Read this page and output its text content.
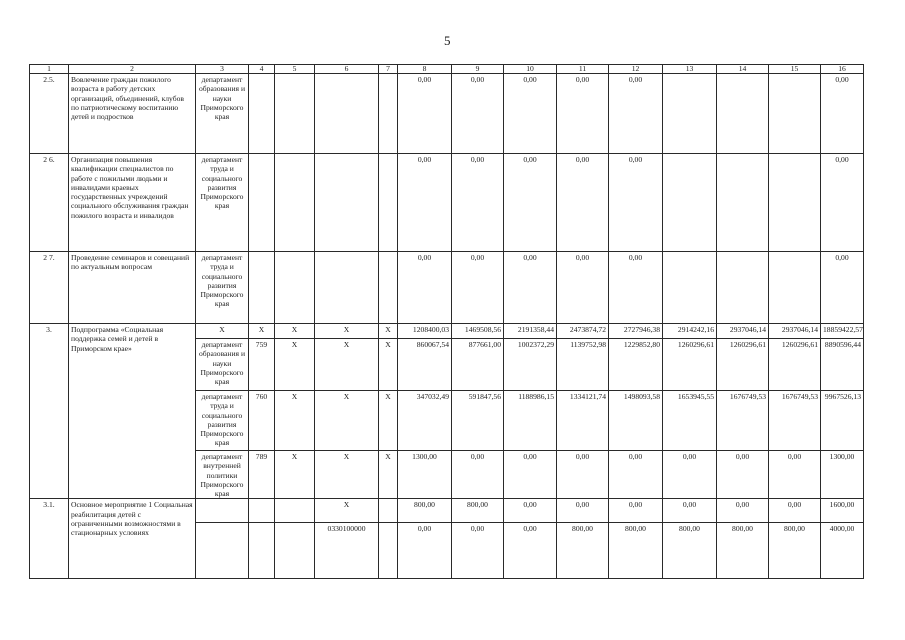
5
1	2	3	4	5	6	7	8	9	10	11	12	13	14	15	16
2.5.	Вовлечение граждан пожилого возраста в работу детских организаций, объединений, клубов по патриотическому воспитанию детей и подростков	департамент образования и науки Приморского края					0,00	0,00	0,00	0,00	0,00				0,00
2 6.	Организация повышения квалификации специалистов по работе с пожилыми людьми и инвалидами краевых государственных учреждений социального обслуживания граждан пожилого возраста и инвалидов	департамент труда и социального развития Приморского края					0,00	0,00	0,00	0,00	0,00				0,00
2 7.	Проведение семинаров и совещаний по актуальным вопросам	департамент труда и социального развития Приморского края					0,00	0,00	0,00	0,00	0,00				0,00
3.	Подпрограмма «Социальная поддержка семей и детей в Приморском крае»	X	X	X	X	X	1208400,03	1469508,56	2191358,44	2473874,72	2727946,38	2914242,16	2937046,14	2937046,14	18859422,57
		департамент образования и науки Приморского края	759	X	X	X	860067,54	877661,00	1002372,29	1139752,98	1229852,80	1260296,61	1260296,61	1260296,61	8890596,44
		департамент труда и социального развития Приморского края	760	X	X	X	347032,49	591847,56	1188986,15	1334121,74	1498093,58	1653945,55	1676749,53	1676749,53	9967526,13
		департамент внутренней политики Приморского края	789	X	X	X	1300,00	0,00	0,00	0,00	0,00	0,00	0,00	0,00	1300,00
3.1.	Основное мероприятие 1 Социальная реабилитация детей с ограниченными возможностями в стационарных условиях				X		800,00	800,00	0,00	0,00	0,00	0,00	0,00	0,00	1600,00
					0330100000		0,00	0,00	0,00	800,00	800,00	800,00	800,00	800,00	4000,00
